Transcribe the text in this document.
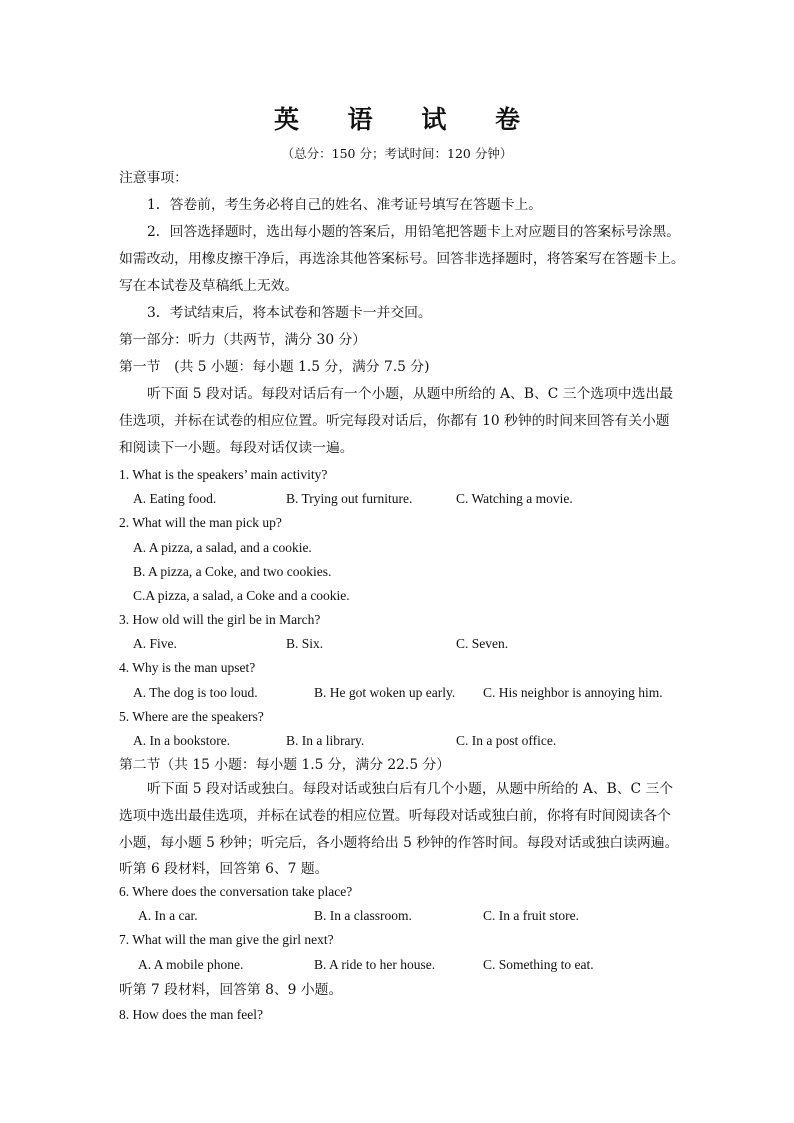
英 语 试 卷
（总分：150 分；考试时间：120 分钟）
注意事项：
1．答卷前，考生务必将自己的姓名、准考证号填写在答题卡上。
2．回答选择题时，选出每小题的答案后，用铅笔把答题卡上对应题目的答案标号涂黑。
如需改动，用橡皮擦干净后，再选涂其他答案标号。回答非选择题时，将答案写在答题卡上。
写在本试卷及草稿纸上无效。
3．考试结束后，将本试卷和答题卡一并交回。
第一部分：听力（共两节，满分 30 分）
第一节　(共 5 小题：每小题 1.5 分，满分 7.5 分)
听下面 5 段对话。每段对话后有一个小题，从题中所给的 A、B、C 三个选项中选出最
佳选项，并标在试卷的相应位置。听完每段对话后，你都有 10 秒钟的时间来回答有关小题
和阅读下一小题。每段对话仅读一遍。
1. What is the speakers’ main activity?
A. Eating food.	B. Trying out furniture.	C. Watching a movie.
2. What will the man pick up?
A. A pizza, a salad, and a cookie.
B. A pizza, a Coke, and two cookies.
C.A pizza, a salad, a Coke and a cookie.
3. How old will the girl be in March?
A. Five.	B. Six.	C. Seven.
4. Why is the man upset?
A. The dog is too loud.	B. He got woken up early. C. His neighbor is annoying him.
5. Where are the speakers?
A. In a bookstore.	B. In a library.	C. In a post office.
第二节（共 15 小题：每小题 1.5 分，满分 22.5 分）
听下面 5 段对话或独白。每段对话或独白后有几个小题，从题中所给的 A、B、C 三个
选项中选出最佳选项，并标在试卷的相应位置。听每段对话或独白前，你将有时间阅读各个
小题，每小题 5 秒钟；听完后，各小题将给出 5 秒钟的作答时间。每段对话或独白读两遍。
听第 6 段材料，回答第 6、7 题。
6. Where does the conversation take place?
A. In a car.	B. In a classroom.	C. In a fruit store.
7. What will the man give the girl next?
A. A mobile phone.	B. A ride to her house.	C. Something to eat.
听第 7 段材料，回答第 8、9 小题。
8. How does the man feel?
